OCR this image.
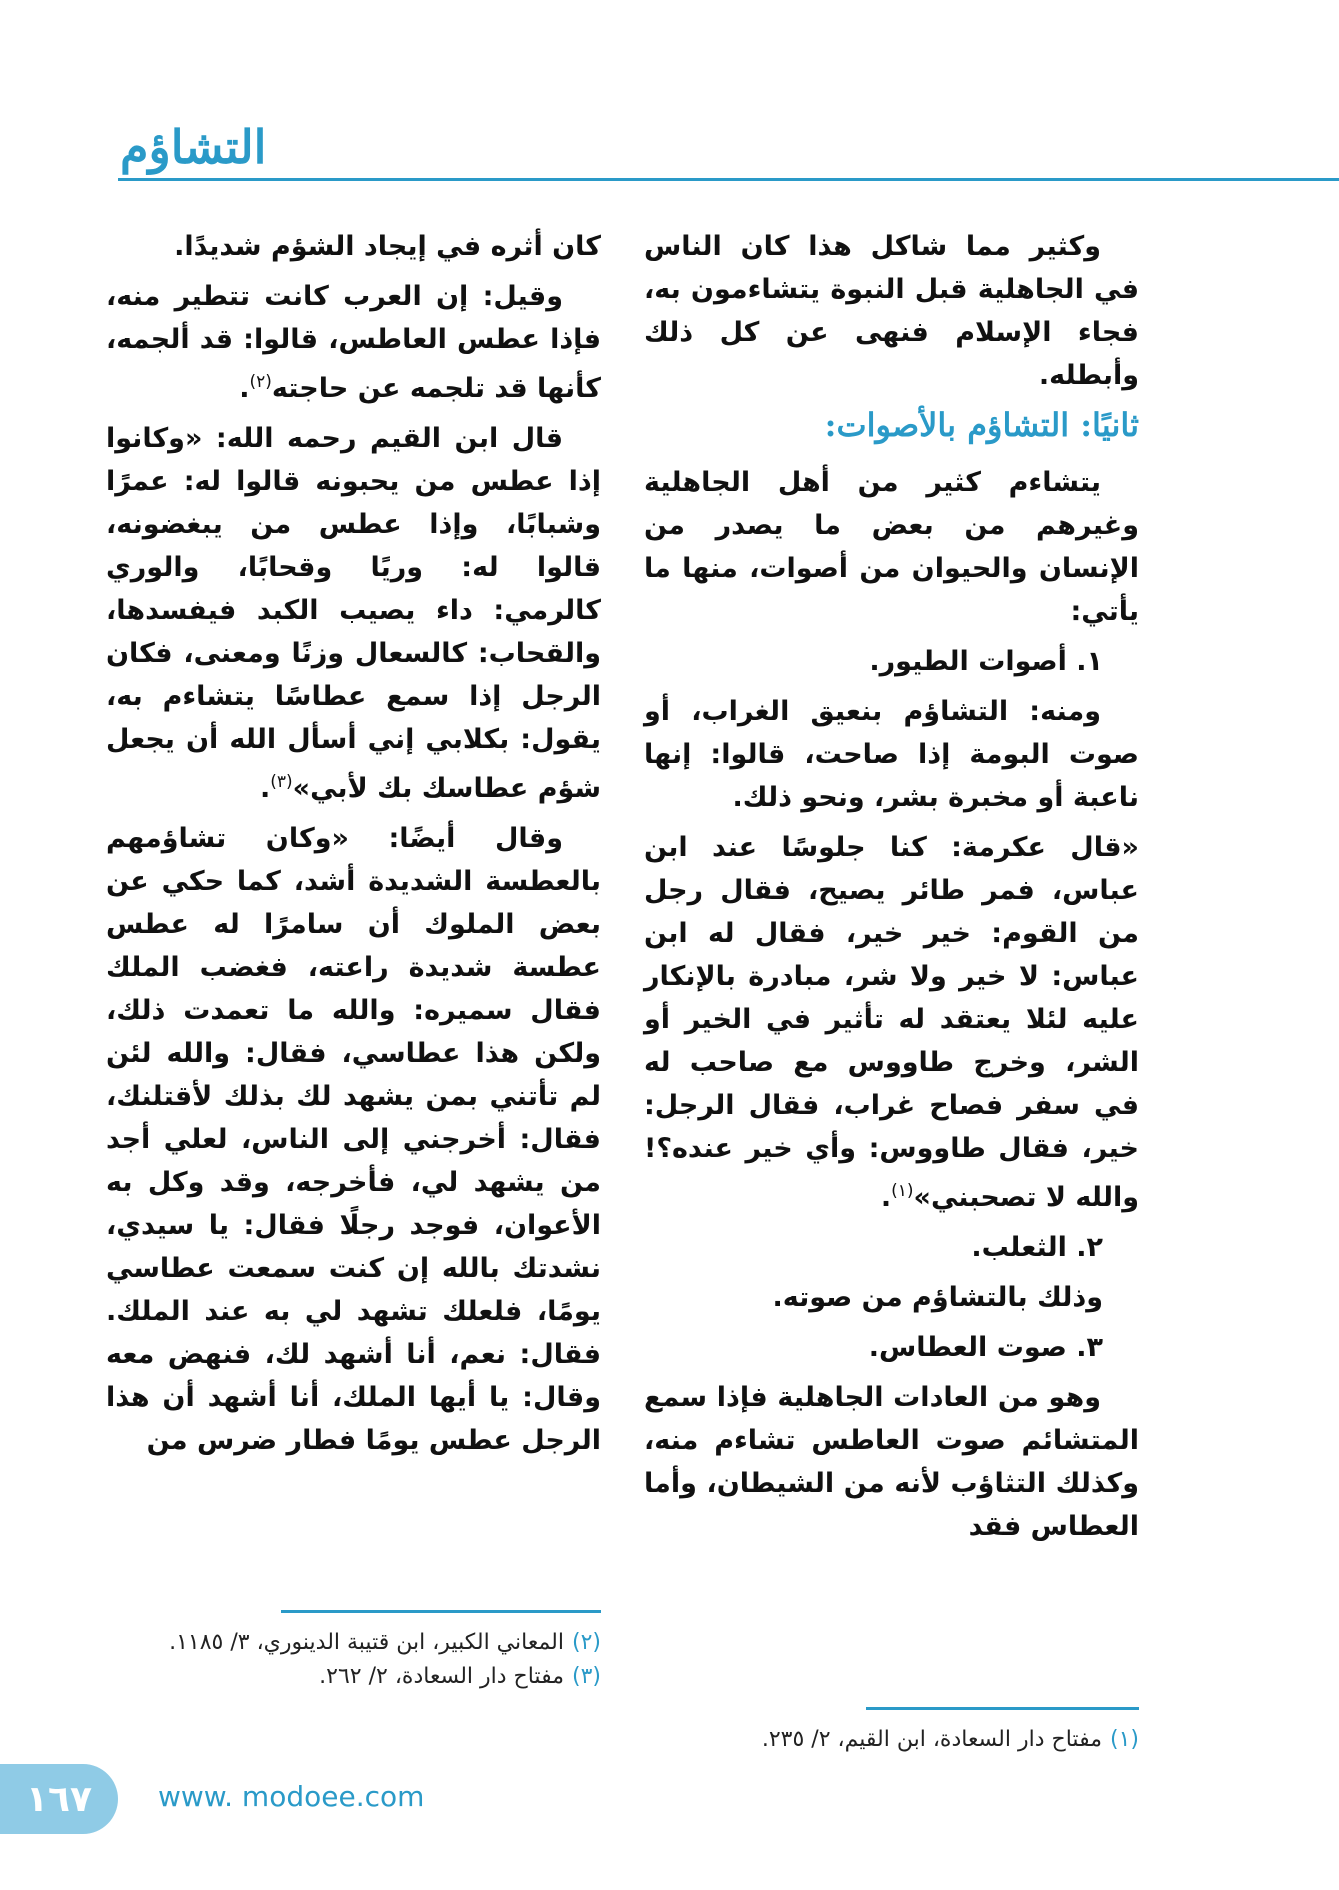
التشاؤم

وكثير مما شاكل هذا كان الناس في الجاهلية قبل النبوة يتشاءمون به، فجاء الإسلام فنهى عن كل ذلك وأبطله.

ثانيًا: التشاؤم بالأصوات:

يتشاءم كثير من أهل الجاهلية وغيرهم من بعض ما يصدر من الإنسان والحيوان من أصوات، منها ما يأتي:

١. أصوات الطيور.

ومنه: التشاؤم بنعيق الغراب، أو صوت البومة إذا صاحت، قالوا: إنها ناعبة أو مخبرة بشر، ونحو ذلك.

«قال عكرمة: كنا جلوسًا عند ابن عباس، فمر طائر يصيح، فقال رجل من القوم: خير خير، فقال له ابن عباس: لا خير ولا شر، مبادرة بالإنكار عليه لئلا يعتقد له تأثير في الخير أو الشر، وخرج طاووس مع صاحب له في سفر فصاح غراب، فقال الرجل: خير، فقال طاووس: وأي خير عنده؟! والله لا تصحبني»$^{(١)}$.

٢. الثعلب.

وذلك بالتشاؤم من صوته.

٣. صوت العطاس.

وهو من العادات الجاهلية فإذا سمع المتشائم صوت العاطس تشاءم منه، وكذلك التثاؤب لأنه من الشيطان، وأما العطاس فقد

كان أثره في إيجاد الشؤم شديدًا.

وقيل: إن العرب كانت تتطير منه، فإذا عطس العاطس، قالوا: قد ألجمه، كأنها قد تلجمه عن حاجته$^{(٢)}$.

قال ابن القيم رحمه الله: «وكانوا إذا عطس من يحبونه قالوا له: عمرًا وشبابًا، وإذا عطس من يبغضونه، قالوا له: وريًا وقحابًا، والوري كالرمي: داء يصيب الكبد فيفسدها، والقحاب: كالسعال وزنًا ومعنى، فكان الرجل إذا سمع عطاسًا يتشاءم به، يقول: بكلابي إني أسأل الله أن يجعل شؤم عطاسك بك لأبي»$^{(٣)}$.

وقال أيضًا: «وكان تشاؤمهم بالعطسة الشديدة أشد، كما حكي عن بعض الملوك أن سامرًا له عطس عطسة شديدة راعته، فغضب الملك فقال سميره: والله ما تعمدت ذلك، ولكن هذا عطاسي، فقال: والله لئن لم تأتني بمن يشهد لك بذلك لأقتلنك، فقال: أخرجني إلى الناس، لعلي أجد من يشهد لي، فأخرجه، وقد وكل به الأعوان، فوجد رجلًا فقال: يا سيدي، نشدتك بالله إن كنت سمعت عطاسي يومًا، فلعلك تشهد لي به عند الملك. فقال: نعم، أنا أشهد لك، فنهض معه وقال: يا أيها الملك، أنا أشهد أن هذا الرجل عطس يومًا فطار ضرس من

(١)مفتاح دار السعادة، ابن القيم، ٢/ ٢٣٥.
(٢)المعاني الكبير، ابن قتيبة الدينوري، ٣/ ١١٨٥.
(٣)مفتاح دار السعادة، ٢/ ٢٦٢.
١٦٧	www. modoee.com
